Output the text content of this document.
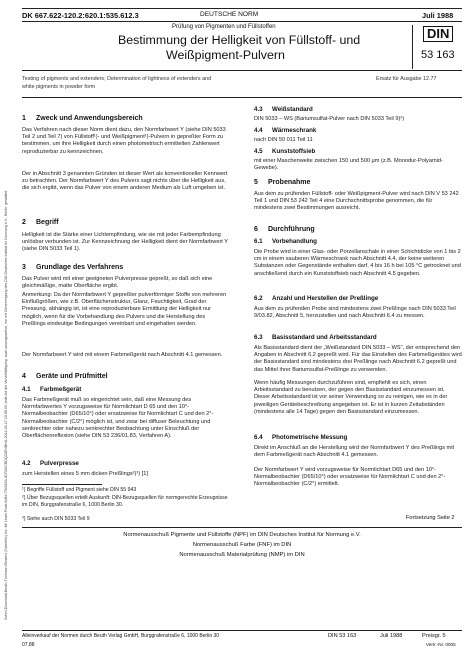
Sofort-Download-Beuth-Thomson Reuters (Scientific) Inc. Mr Lewis Pode-KdNr.7546163-ID.PAXCBDQZAR4BHA-2014-03-17 19:58:03 Jede Art der Vervielfältigung, auch auszugsweise, nur mit Genehmigung des DIN Deutsches Institut für Normung e.V., Berlin, gestattet.
DK 667.622-120.2:620.1:535.612.3	DEUTSCHE NORM	Juli 1988
Prüfung von Pigmenten und Füllstoffen
Bestimmung der Helligkeit von Füllstoff- und
Weißpigment-Pulvern
DIN
53 163
Testing of pigments and extenders; Determination of lightness of extenders and
white pigments in powder form
Ersatz für Ausgabe 12.77
1 Zweck und Anwendungsbereich
Das Verfahren nach dieser Norm dient dazu, den Normfarbwert Y (siehe DIN 5033 Teil 2 und Teil 7) von Füllstoff¹)- und Weißpigment¹)-Pulvern in gepreßter Form zu bestimmen, um ihre Helligkeit durch einen photometrisch ermittelten Zahlenwert reproduzierbar zu kennzeichnen.
Der in Abschnitt 3 genannten Gründen ist dieser Wert als konventioneller Kennwert zu betrachten. Der Normfarbwert Y des Pulvers sagt nichts über die Helligkeit aus, die sich ergibt, wenn das Pulver von einem anderen Medium als Luft umgeben ist.
2 Begriff
Helligkeit ist die Stärke einer Lichtempfindung, wie sie mit jeder Farbempfindung unlösbar verbunden ist. Zur Kennzeichnung der Helligkeit dient der Normfarbwert Y (siehe DIN 5033 Teil 1).
3 Grundlage des Verfahrens
Das Pulver wird mit einer geeigneten Pulverpresse gepreßt, so daß sich eine gleichmäßige, matte Oberfläche ergibt.
Anmerkung: Da der Normfarbwert Y gepreßter pulverförmiger Stoffe von mehreren Einflußgrößen, wie z.B. Oberflächenstruktur, Glanz, Feuchtigkeit, Grad der Pressung, abhängig ist, ist eine reproduzierbare Ermittlung der Helligkeit nur möglich, wenn für die Vorbehandlung des Pulvers und die Herstellung des Preßlings eindeutige Bedingungen vereinbart und eingehalten werden.
Der Normfarbwert Y wird mit einem Farbmeßgerät nach Abschnitt 4.1 gemessen.
4 Geräte und Prüfmittel
4.1 Farbmeßgerät
Das Farbmeßgerät muß so eingerichtet sein, daß eine Messung des Normfarbwertes Y vorzugsweise für Normlichtart D 65 und den 10°-Normalbeobachter (D65/10°) oder ersatzweise für Normlichtart C und den 2°-Normalbeobachter (C/2°) möglich ist, und zwar bei diffuser Beleuchtung und senkrechter oder nahezu senkrechter Beobachtung unter Einschluß der Oberflächenreflexion (siehe DIN 53 236/01.83, Verfahren A).
4.2 Pulverpresse
zum Herstellen eines 5 mm dicken Preßlings²)³) [1]
¹) Begriffe Füllstoff und Pigment siehe DIN 55 943
²) Über Bezugsquellen erteilt Auskunft: DIN-Bezugsquellen für normgerechte Erzeugnisse im DIN, Burggrafenstraße 6, 1000 Berlin 30.
³) Siehe auch DIN 5033 Teil 9
4.3 Weißstandard
DIN 5033 – WS (Bariumsulfat-Pulver nach DIN 5033 Teil 9)²)
4.4 Wärmeschrank
nach DIN 50 011 Teil 11
4.5 Kunststoffsieb
mit einer Maschenweite zwischen 150 und 500 µm (z.B. Monodur-Polyamid-Gewebe).
5 Probenahme
Aus dem zu prüfenden Füllstoff- oder Weißpigment-Pulver wird nach DIN V 53 242 Teil 1 und DIN 53 242 Teil 4 eine Durchschnittsprobe genommen, die für mindestens zwei Bestimmungen ausreicht.
6 Durchführung
6.1 Vorbehandlung
Die Probe wird in einer Glas- oder Porzellanschale in einer Schichtdicke von 1 bis 2 cm in einem sauberen Wärmeschrank nach Abschnitt 4.4, der keine weiteren Substanzen oder Gegenstände enthalten darf, 4 bis 16 h bei 105 °C getrocknet und anschließend durch ein Kunststoffsieb nach Abschnitt 4.5 gegeben.
6.2 Anzahl und Herstellen der Preßlinge
Aus dem zu prüfenden Probe sind mindestens zwei Preßlinge nach DIN 5033 Teil 9/03.82, Abschnitt 5, herzustellen und nach Abschnitt 6.4 zu messen.
6.3 Basisstandard und Arbeitsstandard
Als Basisstandard dient der „Weißstandard DIN 5033 – WS“, der entsprechend den Angaben in Abschnitt 6.2 gepreßt wird. Für das Einstellen des Farbmeßgerätes wird der Basisstandard sind mindestens drei Preßlinge nach Abschnitt 6.2 gepreßt und das Mittel ihrer Bariumsulfat-Preßlinge zu verwenden.
Wenn häufig Messungen durchzuführen sind, empfiehlt es sich, einen Arbeitsstandard zu benutzen, der gegen den Basisstandard einzumessen ist. Dieser Arbeitsstandard ist vor seiner Verwendung so zu reinigen, wie es in der jeweiligen Gerätebeschreibung angegeben ist. Er ist in kurzen Zeitabständen (mindestens alle 14 Tage) gegen den Basisstandard einzumessen.
6.4 Photometrische Messung
Direkt im Anschluß an die Herstellung wird der Normfarbwert Y des Preßlings mit dem Farbmeßgerät nach Abschnitt 4.1 gemessen.
Der Normfarbwert Y wird vorzugsweise für Normlichtart D65 und den 10°-Normalbeobachter (D65/10°) oder ersatzweise für Normlichtart C und den 2°-Normalbeobachter (C/2°) ermittelt.
Fortsetzung Seite 2
Normenausschuß Pigmente und Füllstoffe (NPF) im DIN Deutsches Institut für Normung e.V.
Normenausschuß Farbe (FNF) im DIN
Normenausschuß Materialprüfung (NMP) im DIN
Alleinverkauf der Normen durch Beuth Verlag GmbH, Burggrafenstraße 6, 1000 Berlin 30	DIN 53 163	Juli 1988	Preisgr. 5
07.88	Vertr.-Nr. 0005
